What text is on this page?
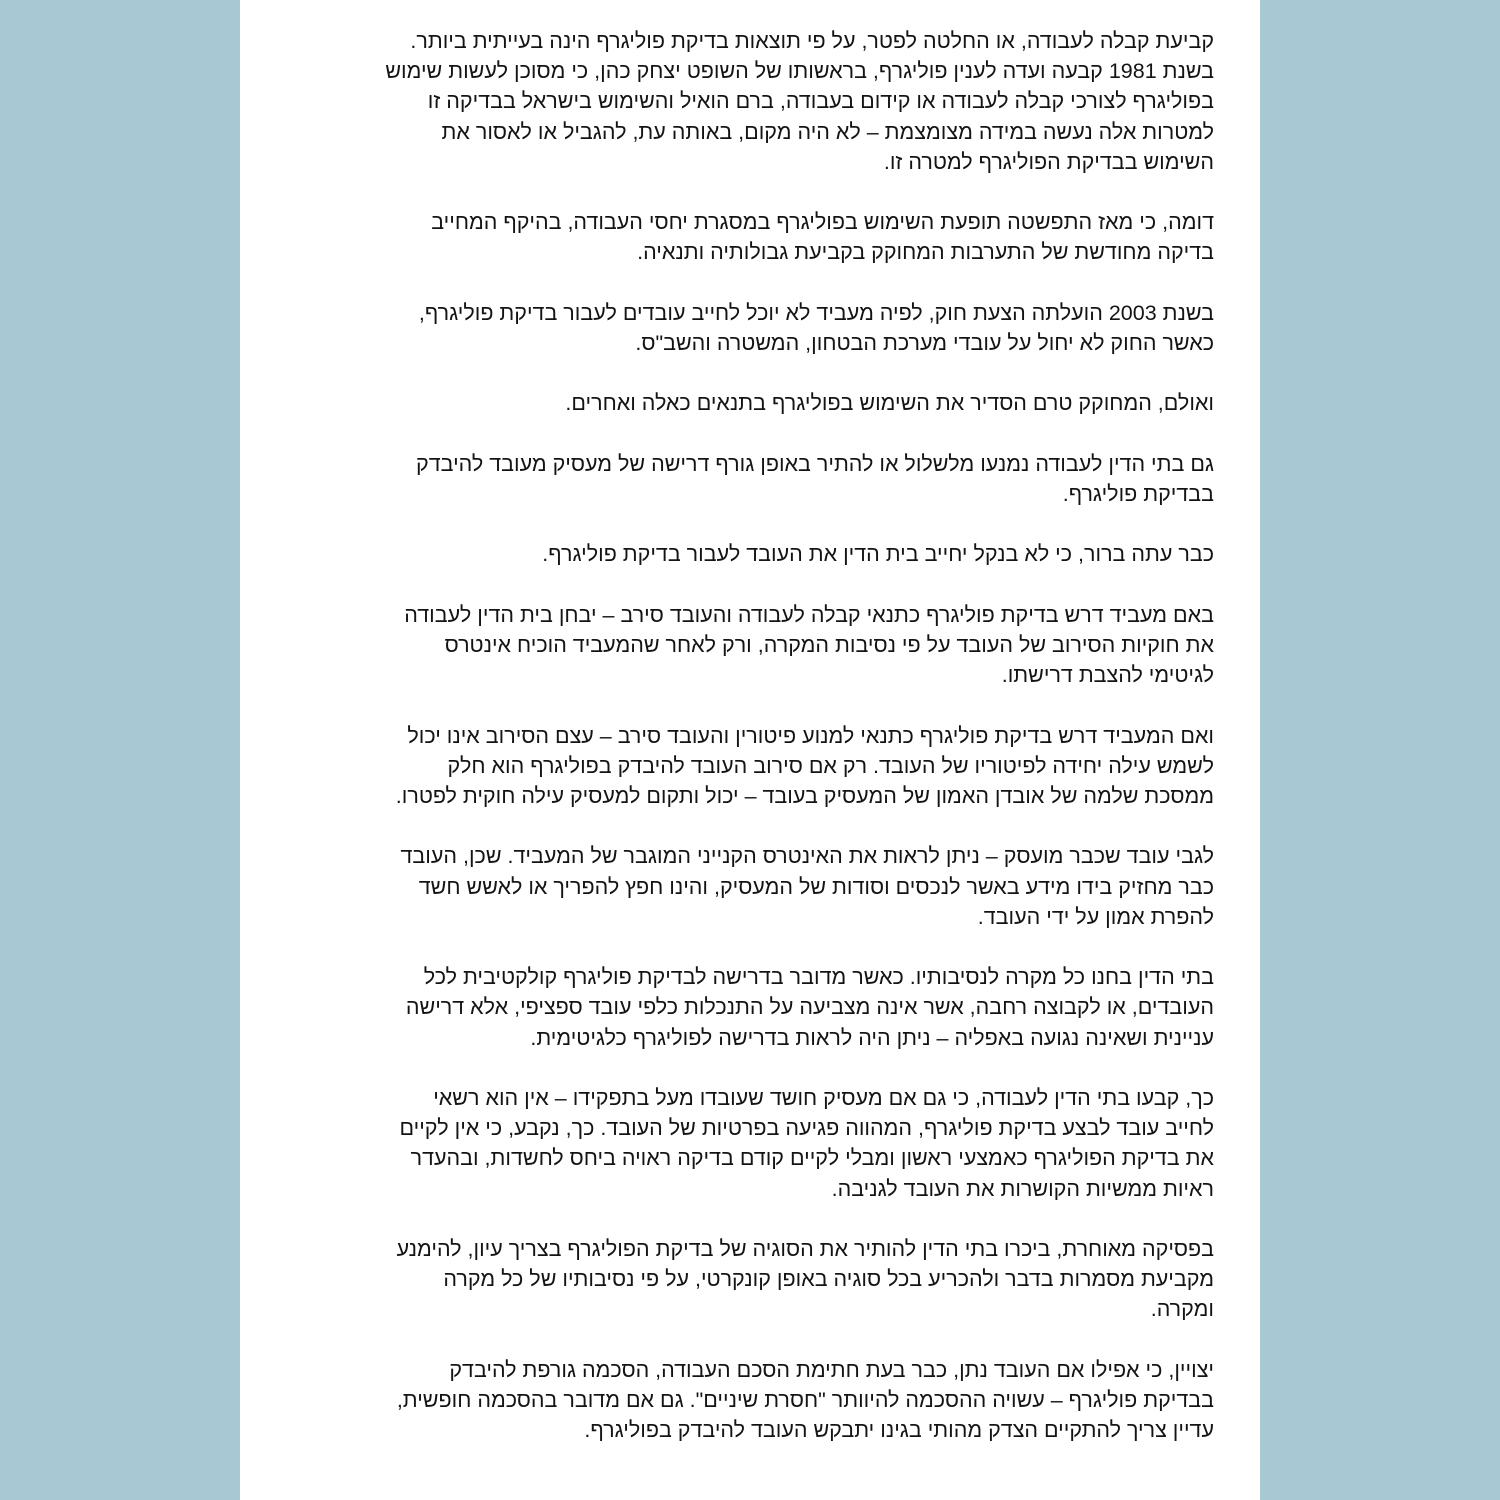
קביעת קבלה לעבודה, או החלטה לפטר, על פי תוצאות בדיקת פוליגרף הינה בעייתית ביותר.
בשנת 1981 קבעה ועדה לענין פוליגרף, בראשותו של השופט יצחק כהן, כי מסוכן לעשות שימוש
בפוליגרף לצורכי קבלה לעבודה או קידום בעבודה, ברם הואיל והשימוש בישראל בבדיקה זו
למטרות אלה נעשה במידה מצומצמת – לא היה מקום, באותה עת, להגביל או לאסור את
השימוש בבדיקת הפוליגרף למטרה זו.

דומה, כי מאז התפשטה תופעת השימוש בפוליגרף במסגרת יחסי העבודה, בהיקף המחייב
בדיקה מחודשת של התערבות המחוקק בקביעת גבולותיה ותנאיה.

בשנת 2003 הועלתה הצעת חוק, לפיה מעביד לא יוכל לחייב עובדים לעבור בדיקת פוליגרף,
כאשר החוק לא יחול על עובדי מערכת הבטחון, המשטרה והשב"ס.

ואולם, המחוקק טרם הסדיר את השימוש בפוליגרף בתנאים כאלה ואחרים.

גם בתי הדין לעבודה נמנעו מלשלול או להתיר באופן גורף דרישה של מעסיק מעובד להיבדק
בבדיקת פוליגרף.

כבר עתה ברור, כי לא בנקל יחייב בית הדין את העובד לעבור בדיקת פוליגרף.

באם מעביד דרש בדיקת פוליגרף כתנאי קבלה לעבודה והעובד סירב – יבחן בית הדין לעבודה
את חוקיות הסירוב של העובד על פי נסיבות המקרה, ורק לאחר שהמעביד הוכיח אינטרס
לגיטימי להצבת דרישתו.

ואם המעביד דרש בדיקת פוליגרף כתנאי למנוע פיטורין והעובד סירב – עצם הסירוב אינו יכול
לשמש עילה יחידה לפיטוריו של העובד. רק אם סירוב העובד להיבדק בפוליגרף הוא חלק
ממסכת שלמה של אובדן האמון של המעסיק בעובד – יכול ותקום למעסיק עילה חוקית לפטרו.

לגבי עובד שכבר מועסק – ניתן לראות את האינטרס הקנייני המוגבר של המעביד. שכן, העובד
כבר מחזיק בידו מידע באשר לנכסים וסודות של המעסיק, והינו חפץ להפריך או לאשש חשד
להפרת אמון על ידי העובד.

בתי הדין בחנו כל מקרה לנסיבותיו. כאשר מדובר בדרישה לבדיקת פוליגרף קולקטיבית לכל
העובדים, או לקבוצה רחבה, אשר אינה מצביעה על התנכלות כלפי עובד ספציפי, אלא דרישה
עניינית ושאינה נגועה באפליה – ניתן היה לראות בדרישה לפוליגרף כלגיטימית.

כך, קבעו בתי הדין לעבודה, כי גם אם מעסיק חושד שעובדו מעל בתפקידו – אין הוא רשאי
לחייב עובד לבצע בדיקת פוליגרף, המהווה פגיעה בפרטיות של העובד. כך, נקבע, כי אין לקיים
את בדיקת הפוליגרף כאמצעי ראשון ומבלי לקיים קודם בדיקה ראויה ביחס לחשדות, ובהעדר
ראיות ממשיות הקושרות את העובד לגניבה.

בפסיקה מאוחרת, ביכרו בתי הדין להותיר את הסוגיה של בדיקת הפוליגרף בצריך עיון, להימנע
מקביעת מסמרות בדבר ולהכריע בכל סוגיה באופן קונקרטי, על פי נסיבותיו של כל מקרה
ומקרה.

יצויין, כי אפילו אם העובד נתן, כבר בעת חתימת הסכם העבודה, הסכמה גורפת להיבדק
בבדיקת פוליגרף – עשויה ההסכמה להיוותר "חסרת שיניים". גם אם מדובר בהסכמה חופשית,
עדיין צריך להתקיים הצדק מהותי בגינו יתבקש העובד להיבדק בפוליגרף.
